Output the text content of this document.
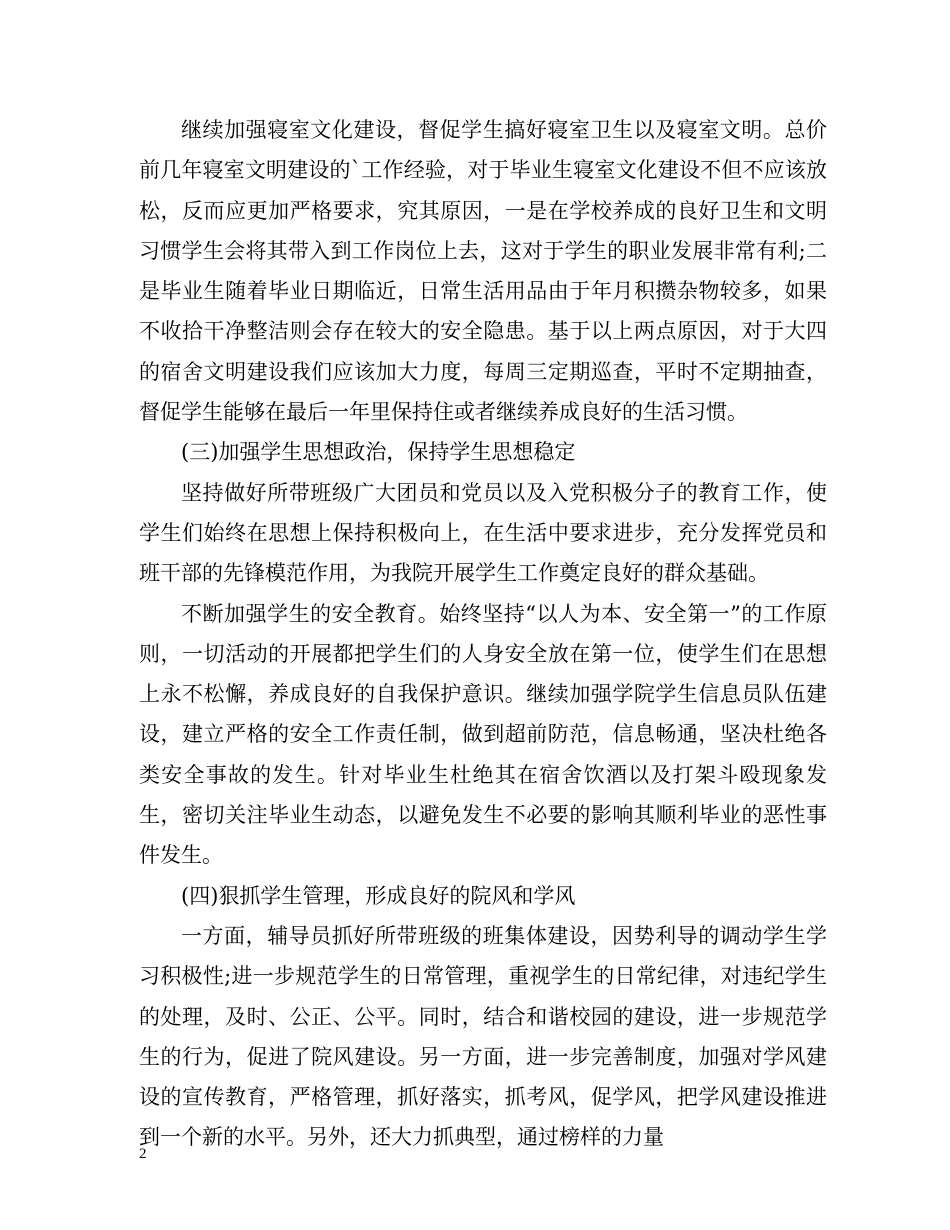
继续加强寝室文化建设，督促学生搞好寝室卫生以及寝室文明。总价前几年寝室文明建设的`工作经验，对于毕业生寝室文化建设不但不应该放松，反而应更加严格要求，究其原因，一是在学校养成的良好卫生和文明习惯学生会将其带入到工作岗位上去，这对于学生的职业发展非常有利;二是毕业生随着毕业日期临近，日常生活用品由于年月积攒杂物较多，如果不收拾干净整洁则会存在较大的安全隐患。基于以上两点原因，对于大四的宿舍文明建设我们应该加大力度，每周三定期巡查，平时不定期抽查，督促学生能够在最后一年里保持住或者继续养成良好的生活习惯。

(三)加强学生思想政治，保持学生思想稳定

坚持做好所带班级广大团员和党员以及入党积极分子的教育工作，使学生们始终在思想上保持积极向上，在生活中要求进步，充分发挥党员和班干部的先锋模范作用，为我院开展学生工作奠定良好的群众基础。

不断加强学生的安全教育。始终坚持“以人为本、安全第一”的工作原则，一切活动的开展都把学生们的人身安全放在第一位，使学生们在思想上永不松懈，养成良好的自我保护意识。继续加强学院学生信息员队伍建设，建立严格的安全工作责任制，做到超前防范，信息畅通，坚决杜绝各类安全事故的发生。针对毕业生杜绝其在宿舍饮酒以及打架斗殴现象发生，密切关注毕业生动态，以避免发生不必要的影响其顺利毕业的恶性事件发生。

(四)狠抓学生管理，形成良好的院风和学风

一方面，辅导员抓好所带班级的班集体建设，因势利导的调动学生学习积极性;进一步规范学生的日常管理，重视学生的日常纪律，对违纪学生的处理，及时、公正、公平。同时，结合和谐校园的建设，进一步规范学生的行为，促进了院风建设。另一方面，进一步完善制度，加强对学风建设的宣传教育，严格管理，抓好落实，抓考风，促学风，把学风建设推进到一个新的水平。另外，还大力抓典型，通过榜样的力量

2
